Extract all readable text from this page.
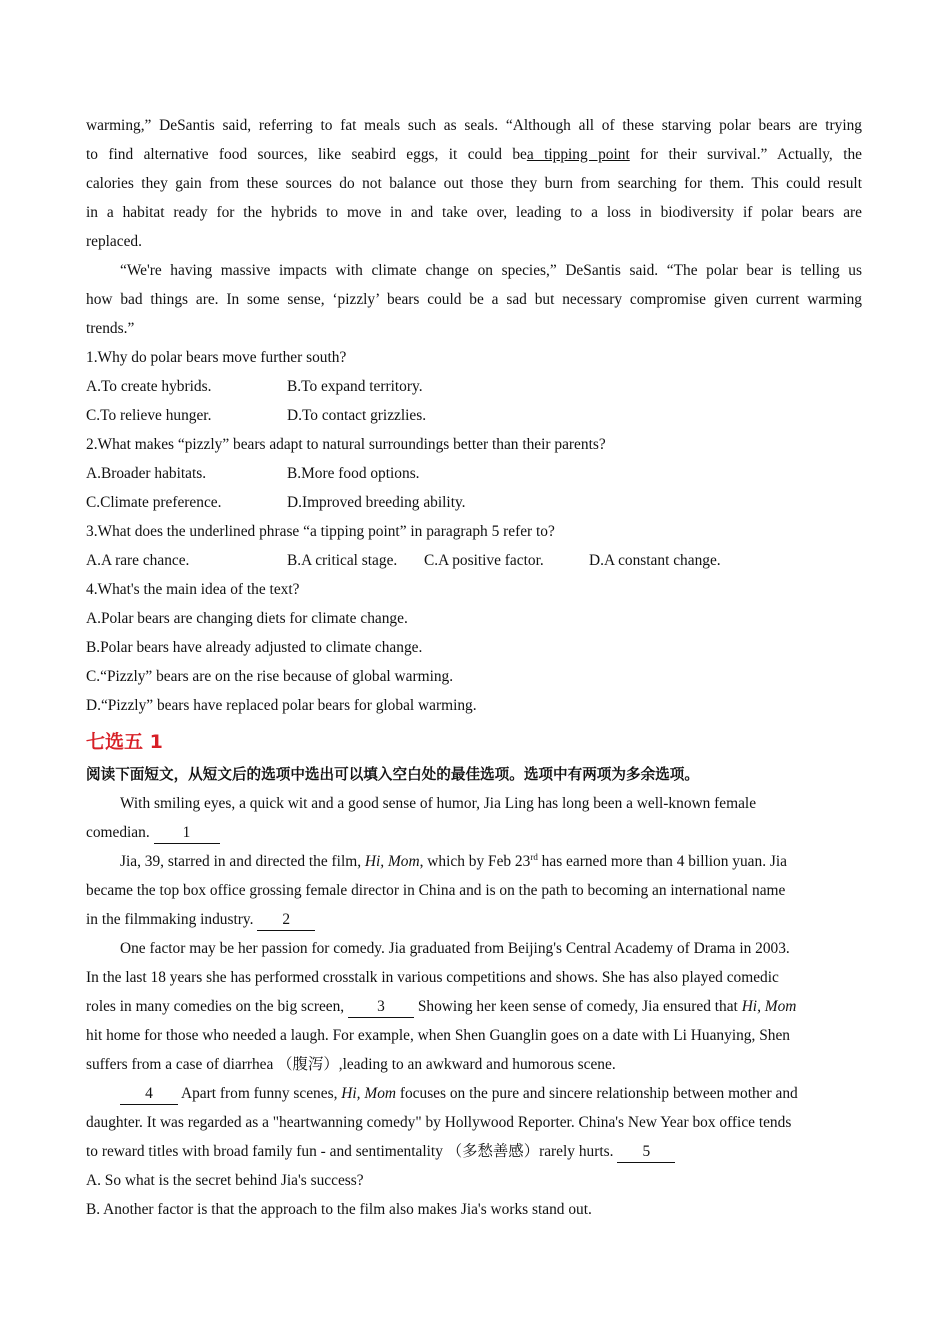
warming,” DeSantis said, referring to fat meals such as seals. “Although all of these starving polar bears are trying
to find alternative food sources, like seabird eggs, it could bea tipping point for their survival.” Actually, the
calories they gain from these sources do not balance out those they burn from searching for them. This could result
in a habitat ready for the hybrids to move in and take over, leading to a loss in biodiversity if polar bears are
replaced.
“We're having massive impacts with climate change on species,” DeSantis said. “The polar bear is telling us
how bad things are. In some sense, ‘pizzly’ bears could be a sad but necessary compromise given current warming
trends.”
1.Why do polar bears move further south?
A.To create hybrids.	B.To expand territory.
C.To relieve hunger.	D.To contact grizzlies.
2.What makes “pizzly” bears adapt to natural surroundings better than their parents?
A.Broader habitats.	B.More food options.
C.Climate preference.	D.Improved breeding ability.
3.What does the underlined phrase “a tipping point” in paragraph 5 refer to?
A.A rare chance.	B.A critical stage. C.A positive factor.	D.A constant change.
4.What's the main idea of the text?
A.Polar bears are changing diets for climate change.
B.Polar bears have already adjusted to climate change.
C.“Pizzly” bears are on the rise because of global warming.
D.“Pizzly” bears have replaced polar bears for global warming.
七选五 1
阅读下面短文，从短文后的选项中选出可以填入空白处的最佳选项。选项中有两项为多余选项。
With smiling eyes, a quick wit and a good sense of humor, Jia Ling has long been a well-known female
comedian. 1
Jia, 39, starred in and directed the film, Hi, Mom, which by Feb 23rd has earned more than 4 billion yuan. Jia
became the top box office grossing female director in China and is on the path to becoming an international name
in the filmmaking industry. 2
One factor may be her passion for comedy. Jia graduated from Beijing's Central Academy of Drama in 2003.
In the last 18 years she has performed crosstalk in various competitions and shows. She has also played comedic
roles in many comedies on the big screen, 3 Showing her keen sense of comedy, Jia ensured that Hi, Mom
hit home for those who needed a laugh. For example, when Shen Guanglin goes on a date with Li Huanying, Shen
suffers from a case of diarrhea （腹泻）,leading to an awkward and humorous scene.
4 Apart from funny scenes, Hi, Mom focuses on the pure and sincere relationship between mother and
daughter. It was regarded as a "heartwanning comedy" by Hollywood Reporter. China's New Year box office tends
to reward titles with broad family fun - and sentimentality （多愁善感）rarely hurts. 5
A. So what is the secret behind Jia's success?
B. Another factor is that the approach to the film also makes Jia's works stand out.
